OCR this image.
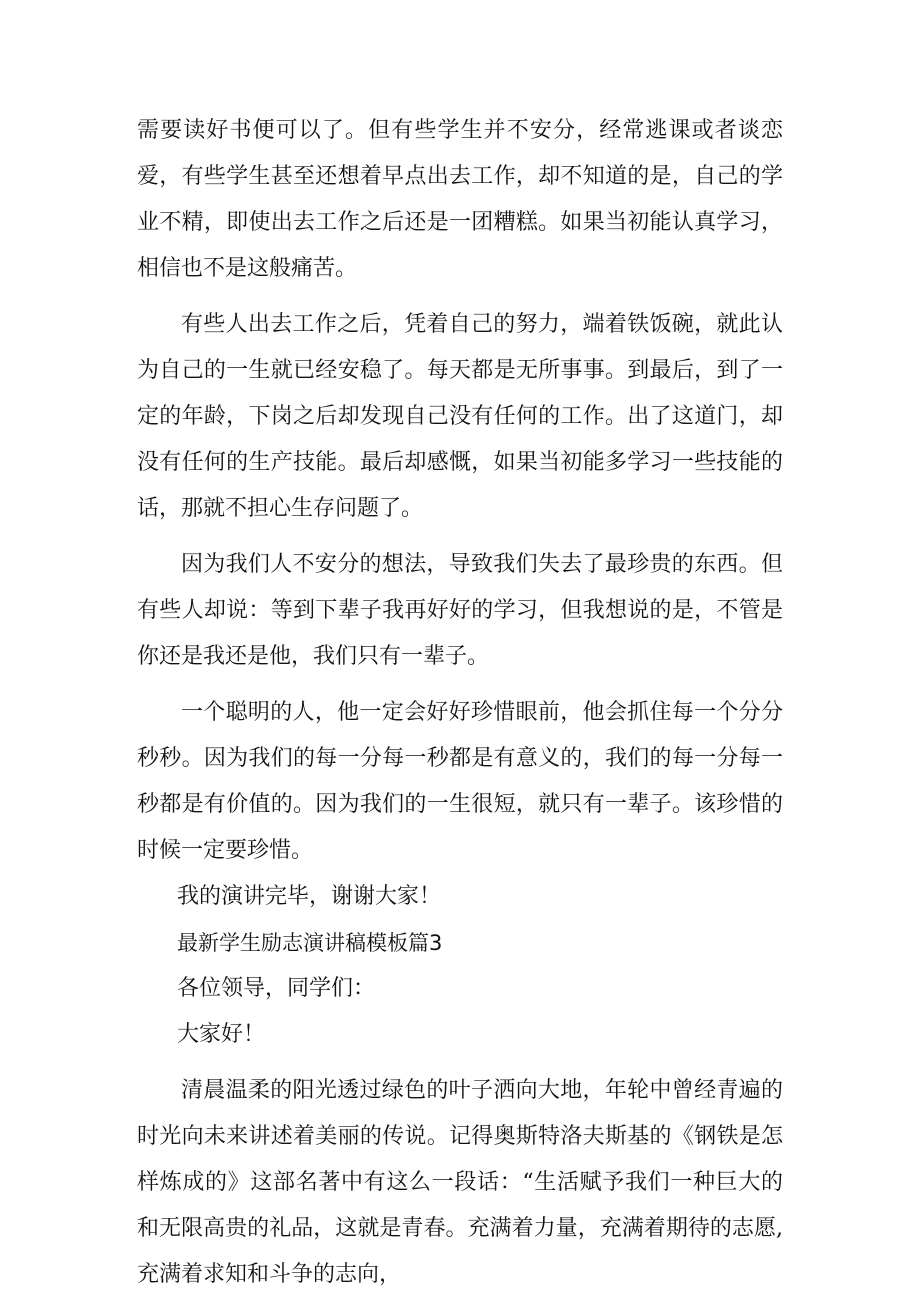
需要读好书便可以了。但有些学生并不安分，经常逃课或者谈恋爱，有些学生甚至还想着早点出去工作，却不知道的是，自己的学业不精，即使出去工作之后还是一团糟糕。如果当初能认真学习，相信也不是这般痛苦。

有些人出去工作之后，凭着自己的努力，端着铁饭碗，就此认为自己的一生就已经安稳了。每天都是无所事事。到最后，到了一定的年龄，下岗之后却发现自己没有任何的工作。出了这道门，却没有任何的生产技能。最后却感慨，如果当初能多学习一些技能的话，那就不担心生存问题了。

因为我们人不安分的想法，导致我们失去了最珍贵的东西。但有些人却说：等到下辈子我再好好的学习，但我想说的是，不管是你还是我还是他，我们只有一辈子。

一个聪明的人，他一定会好好珍惜眼前，他会抓住每一个分分秒秒。因为我们的每一分每一秒都是有意义的，我们的每一分每一秒都是有价值的。因为我们的一生很短，就只有一辈子。该珍惜的时候一定要珍惜。

我的演讲完毕，谢谢大家！

最新学生励志演讲稿模板篇3

各位领导，同学们：

大家好！

清晨温柔的阳光透过绿色的叶子洒向大地，年轮中曾经青遍的时光向未来讲述着美丽的传说。记得奥斯特洛夫斯基的《钢铁是怎样炼成的》这部名著中有这么一段话：“生活赋予我们一种巨大的和无限高贵的礼品，这就是青春。充满着力量，充满着期待的志愿,充满着求知和斗争的志向，
